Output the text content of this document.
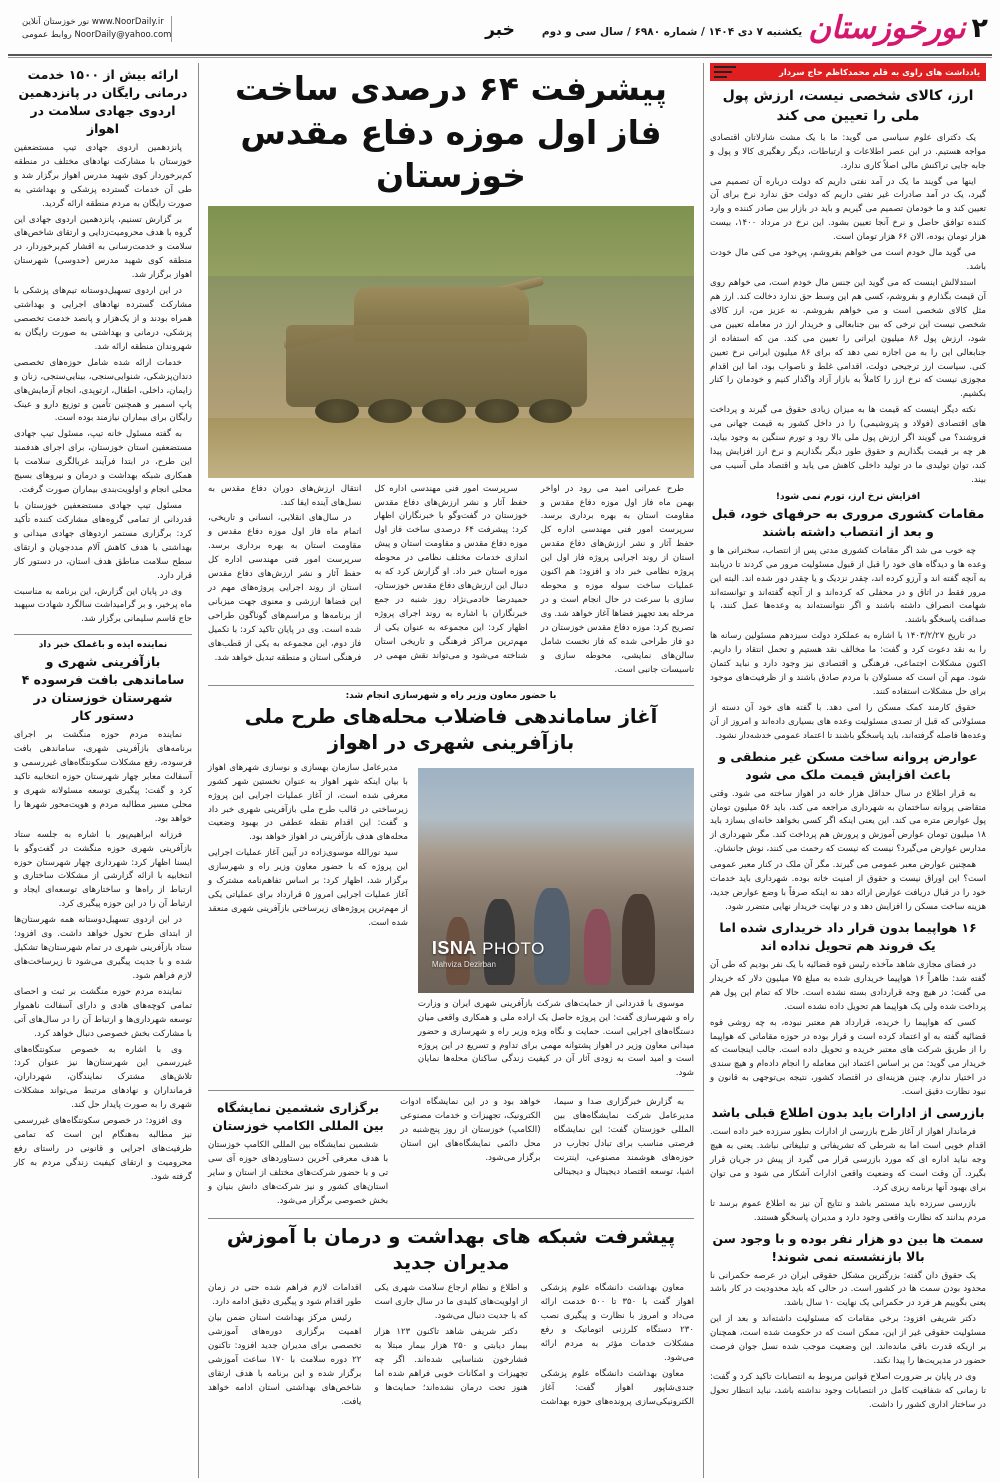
۲
نورخوزستان
یکشنبه ۷ دی ۱۴۰۴ / شماره ۶۹۸۰ / سال سی و دوم
خبر
نور خوزستان آنلاین www.NoorDaily.ir
روابط عمومی NoorDaily@yahoo.com
یادداشت های راوی به قلم محمدکاظم حاج سردار
ارز، کالای شخصی نیست، ارزش پول ملی را تعیین می کند

یک دکترای علوم سیاسی می گوید: ما با یک مشت شارلاتان اقتصادی مواجه هستیم. در این عصر اطلاعات و ارتباطات، دیگر رهگیری کالا و پول و جابه جایی تراکنش مالی اصلاً کاری ندارد.

اینها می گویند ما یک در آمد نفتی داریم که دولت درباره آن تصمیم می گیرد، یک در آمد صادرات غیر نفتی داریم که دولت حق ندارد نرخ برای آن تعیین کند و ما خودمان تصمیم می گیریم و باید در بازار بین صادر کننده و وارد کننده توافق حاصل و نرخ آنجا تعیین بشود. این نرخ در مرداد ۱۴۰۰، بیست هزار تومان بوده، الان ۶۶ هزار تومان است.

می گوید مال خودم است می خواهم بفروشم، پیِ‌خود می کنی مال خودت باشد.

استدلالش اینست که می گوید این جنس مال خودم است، می خواهم روی آن قیمت بگذارم و بفروشم، کسی هم این وسط حق ندارد دخالت کند. ارز هم مثل کالای شخصی است و می خواهم بفروشم. نه عزیز من، ارز کالای شخصی نیست این نرخی که بین جنابعالی و خریدار ارز در معامله تعیین می شود، ارزش پول ۸۶ میلیون ایرانی را تعیین می کند. من که استفاده از جنابعالی این را به من اجازه نمی دهد که برای ۸۶ میلیون ایرانی نرخ تعیین کنی. سیاست ارز ترجیحی دولت، اقدامی غلط و ناصواب بود، اما این اقدام مجوزی نیست که نرخ ارز را کاملاً به بازار آزاد واگذار کنیم و خودمان را کنار بکشیم.

نکته دیگر اینست که قیمت ها به میزان زیادی حقوق می گیرند و پرداخت های اقتصادی (فولاد و پتروشیمی) را در داخل کشور به قیمت جهانی می فروشند؟ می گویند اگر ارزش پول ملی بالا رود و تورم سنگین به وجود بیاید، هر چه بر قیمت بگذاریم و حقوق طور دیگر بگذاریم و نرخ ارز افزایش پیدا کند، توان تولیدی ما در تولید داخلی کاهش می یابد و اقتصاد ملی آسیب می بیند.

افزایش نرخ ارز، تورم نمی شود!
مقامات کشوری مروری به حرفهای خود، قبل و بعد از انتصاب داشته باشند

چه خوب می شد اگر مقامات کشوری مدتی پس از انتصاب، سخنرانی ها و وعده ها و دیدگاه های خود را قبل از قبول مسئولیت مرور می کردند تا دریابند به آنچه گفته اند و آرزو کرده اند، چقدر نزدیک و یا چقدر دور شده اند. البته این مرور فقط در اتاق و در محفلی که کرده‌اند و از آنچه گفته‌اند و توانسته‌اند شهامت انصراف داشته باشند و اگر نتوانسته‌اند به وعده‌ها عمل کنند، با صداقت پاسخگو باشند.

در تاریخ ۱۴۰۳/۲/۲۷ با اشاره به عملکرد دولت سیزدهم مسئولین رسانه ها را به نقد دعوت کرد و گفت: ما مخالف نقد هستیم و تحمل انتقاد را داریم. اکنون مشکلات اجتماعی، فرهنگی و اقتصادی نیز وجود دارد و نباید کتمان شود. مهم آن است که مسئولان با مردم صادق باشند و از ظرفیت‌های موجود برای حل مشکلات استفاده کنند.

حقوق کارمند کمک مسکن را امی دهد. با گفته های خود آن دسته از مسئولانی که قبل از تصدی مسئولیت وعده های بسیاری داده‌اند و امروز از آن وعده‌ها فاصله گرفته‌اند، باید پاسخگو باشند تا اعتماد عمومی خدشه‌دار نشود.

عوارض پروانه ساخت مسکن غیر منطقی و باعث افزایش قیمت ملک می شود

به قرار اطلاع در سال حداقل هزار خانه در اهواز ساخته می شود. وقتی متقاضی پروانه ساختمان به شهرداری مراجعه می کند، باید ۵۶ میلیون تومان پول عوارض متره می کند. این یعنی اینکه اگر کسی بخواهد خانه‌ای بسازد باید ۱۸ میلیون تومان عوارض آموزش و پرورش هم پرداخت کند. مگر شهرداری از مدارس عوارض می‌گیرد؟ نیست که نیست که رحمت می کنند، نوش جانشان.

همچنین عوارض معبر عمومی می گیرند. مگر آن ملک در کنار معبر عمومی است؟ این اوراق نیست و حقوق از امنیت خانه بوده. شهرداری باید خدمات خود را در قبال دریافت عوارض ارائه دهد نه اینکه صرفاً با وضع عوارض جدید، هزینه ساخت مسکن را افزایش دهد و در نهایت خریدار نهایی متضرر شود.

۱۶ هواپیما بدون قرار داد خریداری شده اما یک فروند هم تحویل نداده اند

در فضای مجازی شاهد مآخذه رئیس قوه قضائیه با یک نفر بودیم که طی آن گفته شد: ظاهراً ۱۶ هواپیما خریداری شده به مبلغ ۷۵ میلیون دلار که خریدار می گفت: در هیچ وجه قراردادی بسته نشده است. حالا که تمام این پول هم پرداخت شده ولی یک هواپیما هم تحویل داده نشده است.

کسی که هواپیما را خریده، قرارداد هم معتبر نبوده، به چه روشی قوه قضائیه گفته به او اعتماد کرده است و قرار بوده در حوزه مقاماتی که هواپیما را از طریق شرکت های معتبر خریده و تحویل داده است. جالب اینجاست که خریدار می گوید: من بر اساس اعتماد این معامله را انجام داده‌ام و هیچ سندی در اختیار ندارم. چنین هزینه‌ای در اقتصاد کشور، نتیجه بی‌توجهی به قانون و نبود نظارت دقیق است.

بازرسی از ادارات باید بدون اطلاع قبلی باشد

فرماندار اهواز از آغاز طرح بازرسی از ادارات بطور سرزده خبر داده است. اقدام خوبی است اما به شرطی که تشریفاتی و تبلیغاتی نباشد. یعنی به هیچ وجه نباید اداره ای که مورد بازرسی قرار می گیرد از پیش در جریان قرار بگیرد. آن وقت است که وضعیت واقعی ادارات آشکار می شود و می توان برای بهبود آنها برنامه ریزی کرد.

بازرسی سرزده باید مستمر باشد و نتایج آن نیز به اطلاع عموم برسد تا مردم بدانند که نظارت واقعی وجود دارد و مدیران پاسخگو هستند.

سمت ها بین دو هزار نفر بوده و با وجود سن بالا بازنشسته نمی شوند!

یک حقوق دان گفته: بزرگترین مشکل حقوقی ایران در عرصه حکمرانی نا محدود بودن سمت ها در کشور است. در حالی که باید محدودیت در کار باشد یعنی بگوییم هر فرد در حکمرانی یک نهایت ۱۰ سال باشد.

دکتر شریفی افزود: برخی مقامات که مسئولیت داشته‌اند و بعد از این مسئولیت حقوقی غیر از این، ممکن است که در حکومت شده است، همچنان بر اریکه قدرت باقی مانده‌اند. این وضعیت موجب شده نسل جوان فرصت حضور در مدیریت‌ها را پیدا نکند.

وی در پایان بر ضرورت اصلاح قوانین مربوط به انتصابات تاکید کرد و گفت: تا زمانی که شفافیت کامل در انتصابات وجود نداشته باشد، نباید انتظار تحول در ساختار اداری کشور را داشت.

پیشرفت ۶۴ درصدی ساخت فاز اول موزه دفاع مقدس خوزستان

طرح عمرانی امید می رود در اواخر بهمن ماه فاز اول موزه دفاع مقدس و مقاومت استان به بهره برداری برسد. سرپرست امور فنی مهندسی اداره کل حفظ آثار و نشر ارزش‌های دفاع مقدس استان از روند اجرایی پروژه فاز اول این پروژه نظامی خبر داد و افزود: هم اکنون عملیات ساخت سوله موزه و محوطه سازی با سرعت در حال انجام است و در مرحله بعد تجهیز فضاها آغاز خواهد شد. وی تصریح کرد: موزه دفاع مقدس خوزستان در دو فاز طراحی شده که فاز نخست شامل سالن‌های نمایشی، محوطه سازی و تاسیسات جانبی است.

سرپرست امور فنی مهندسی اداره کل حفظ آثار و نشر ارزش‌های دفاع مقدس خوزستان در گفت‌وگو با خبرنگاران اظهار کرد: پیشرفت ۶۴ درصدی ساخت فاز اول موزه دفاع مقدس و مقاومت استان و پیش اندازی خدمات مختلف نظامی در محوطه موزه استان خبر داد. او گزارش کرد که به دنبال این ارزش‌های دفاع مقدس خوزستان، حمیدرضا خادمی‌نژاد روز شنبه در جمع خبرنگاران با اشاره به روند اجرای پروژه اظهار کرد: این مجموعه به عنوان یکی از مهم‌ترین مراکز فرهنگی و تاریخی استان شناخته می‌شود و می‌تواند نقش مهمی در انتقال ارزش‌های دوران دفاع مقدس به نسل‌های آینده ایفا کند.

در سال‌های انقلابی، انسانی و تاریخی، اتمام ماه فاز اول موزه دفاع مقدس و مقاومت استان به بهره برداری برسد. سرپرست امور فنی مهندسی اداره کل حفظ آثار و نشر ارزش‌های دفاع مقدس استان از روند اجرایی پروژه‌های مهم در این فضاها ارزشی و معنوی جهت میزبانی از برنامه‌ها و مراسم‌های گوناگون طراحی شده است. وی در پایان تاکید کرد: با تکمیل فاز دوم، این مجموعه به یکی از قطب‌های فرهنگی استان و منطقه تبدیل خواهد شد.

با حضور معاون وزیر راه و شهرسازی انجام شد:
آغاز ساماندهی فاضلاب محله‌های طرح ملی بازآفرینی شهری در اهواز
ISNA PHOTO
Mahviza Dezirban

موسوی با قدردانی از حمایت‌های شرکت بازآفرینی شهری ایران و وزارت راه و شهرسازی گفت: این پروژه حاصل یک اراده ملی و همکاری واقعی میان دستگاه‌های اجرایی است. حمایت و نگاه ویژه وزیر راه و شهرسازی و حضور میدانی معاون وزیر در اهواز پشتوانه مهمی برای تداوم و تسریع در این پروژه است و امید است به زودی آثار آن در کیفیت زندگی ساکنان محله‌ها نمایان شود.

مدیرعامل سازمان بهسازی و نوسازی شهرهای اهواز با بیان اینکه شهر اهواز به عنوان نخستین شهر کشور معرفی شده است، از آغاز عملیات اجرایی این پروژه زیرساختی در قالب طرح ملی بازآفرینی شهری خبر داد و گفت: این اقدام نقطه عطفی در بهبود وضعیت محله‌های هدف بازآفرینی در اهواز خواهد بود.

سید نورالله موسوی‌زاده در آیین آغاز عملیات اجرایی این پروژه که با حضور معاون وزیر راه و شهرسازی برگزار شد، اظهار کرد: بر اساس تفاهم‌نامه مشترک و آغاز عملیات اجرایی امروز ۵ قرارداد برای عملیاتی یکی از مهم‌ترین پروژه‌های زیرساختی بازآفرینی شهری منعقد شده است.

به گزارش خبرگزاری صدا و سیما، مدیرعامل شرکت نمایشگاه‌های بین المللی خوزستان گفت: این نمایشگاه فرصتی مناسب برای تبادل تجارب در حوزه‌های هوشمند مصنوعی، اینترنت اشیا، توسعه اقتصاد دیجیتال و دیجیتالی خواهد بود و در این نمایشگاه ادوات الکترونیک، تجهیزات و خدمات مصنوعی (الکامپ) خوزستان از روز پنج‌شنبه در محل دائمی نمایشگاه‌های این استان برگزار می‌شود.

برگزاری ششمین نمایشگاه بین المللی الکامپ خوزستان

ششمین نمایشگاه بین المللی الکامپ خوزستان با هدف معرفی آخرین دستاوردهای حوزه آی سی تی و با حضور شرکت‌های مختلف از استان و سایر استان‌های کشور و نیز شرکت‌های دانش بنیان و بخش خصوصی برگزار می‌شود.

پیشرفت شبکه های بهداشت و درمان با آموزش مدیران جدید

معاون بهداشت دانشگاه علوم پزشکی اهواز گفت با ۳۵۰ تا ۵۰۰ خدمت ارائه می‌داد و امروز با نظارت و پیگیری نصب ۲۳۰ دستگاه کلرزنی اتوماتیک و رفع مشکلات خدمات مؤثر به مردم ارائه می‌شود.

معاون بهداشت دانشگاه علوم پزشکی جندی‌شاپور اهواز گفت: آغاز الکترونیکی‌سازی پرونده‌های حوزه بهداشت و اطلاع و نظام ارجاع سلامت شهری یکی از اولویت‌های کلیدی ما در سال جاری است که با جدیت دنبال می‌شود.

دکتر شریفی شاهد تاکنون ۱۲۳ هزار بیمار دیابتی و ۲۵۰ هزار بیمار مبتلا به فشارخون شناسایی شده‌اند. اگر چه تجهیزات و امکانات خوبی فراهم شده اما هنوز تحت درمان نشده‌اند؛ حمایت‌ها و اقدامات لازم فراهم شده حتی در زمان طور اقدام شود و پیگیری دقیق ادامه دارد.

رئیس مرکز بهداشت استان ضمن بیان اهمیت برگزاری دوره‌های آموزشی تخصصی برای مدیران جدید افزود: تاکنون ۲۲ دوره سلامت با ۱۷۰ ساعت آموزشی برگزار شده و این برنامه با هدف ارتقای شاخص‌های بهداشتی استان ادامه خواهد یافت.

ارائه بیش از ۱۵۰۰ خدمت درمانی رایگان در پانزدهمین اردوی جهادی سلامت در اهواز

پانزدهمین اردوی جهادی تیپ مستضعفین خوزستان با مشارکت نهادهای مختلف در منطقه کم‌برخوردار کوی شهید مدرس اهواز برگزار شد و طی آن خدمات گسترده پزشکی و بهداشتی به صورت رایگان به مردم منطقه ارائه گردید.

بر گزارش تسنیم، پانزدهمین اردوی جهادی این گروه با هدف محرومیت‌زدایی و ارتقای شاخص‌های سلامت و خدمت‌رسانی به اقشار کم‌برخوردار، در منطقه کوی شهید مدرس (حدوسی) شهرستان اهواز برگزار شد.

در این اردوی تسهیل‌دوستانه تیم‌های پزشکی با مشارکت گسترده نهادهای اجرایی و بهداشتی همراه بودند و از یک‌هزار و پانصد خدمت تخصصی پزشکی، درمانی و بهداشتی به صورت رایگان به شهروندان منطقه ارائه شد.

خدمات ارائه شده شامل حوزه‌های تخصصی دندان‌پزشکی، شنوایی‌سنجی، بینایی‌سنجی، زنان و زایمان، داخلی، اطفال، ارتوپدی، انجام آزمایش‌های پاپ اسمیر و همچنین تأمین و توزیع دارو و عینک رایگان برای بیماران نیازمند بوده است.

به گفته مسئول خانه تیپ، مسئول تیپ جهادی مستضعفین استان خوزستان، برای اجرای هدفمند این طرح، در ابتدا فرآیند غربالگری سلامت با همکاری شبکه بهداشت و درمان و نیروهای بسیج محلی انجام و اولویت‌بندی بیماران صورت گرفت.

مسئول تیپ جهادی مستضعفین خوزستان با قدردانی از تمامی گروه‌های مشارکت کننده تأکید کرد: برگزاری مستمر اردوهای جهادی میدانی و بهداشتی با هدف کاهش آلام مددجویان و ارتقای سطح سلامت مناطق هدف استان، در دستور کار قرار دارد.

وی در پایان این گزارش، این برنامه به مناسبت ماه پرخیر، و بر گرامیداشت سالگرد شهادت سپهبد حاج قاسم سلیمانی برگزار شد.

نماینده ایذه و باغملک خبر داد
بازآفرینی شهری و ساماندهی بافت فرسوده ۴ شهرستان خوزستان در دستور کار

نماینده مردم حوزه منگشت بر اجرای برنامه‌های بازآفرینی شهری، ساماندهی بافت فرسوده، رفع مشکلات سکونتگاه‌های غیررسمی و آسفالت معابر چهار شهرستان حوزه انتخابیه تاکید کرد و گفت: پیگیری توسعه مسئولانه شهری و محلی مسیر مطالبه مردم و هویت‌محور شهرها را خواهد بود.

فرزانه ابراهیم‌پور با اشاره به جلسه ستاد بازآفرینی شهری حوزه منگشت در گفت‌وگو با ایسنا اظهار کرد: شهرداری چهار شهرستان حوزه انتخابیه با ارائه گزارشی از مشکلات ساختاری و ارتباط از راه‌ها و ساختارهای توسعه‌ای ایجاد و ارتباط آن را در این حوزه پیگیری کرد.

در این اردوی تسهیل‌دوستانه همه شهرستان‌ها از ابتدای طرح تحول خواهد داشت. وی افزود: ستاد بازآفرینی شهری در تمام شهرستان‌ها تشکیل شده و با جدیت پیگیری می‌شود تا زیرساخت‌های لازم فراهم شود.

نماینده مردم حوزه منگشت بر ثبت و احصای تمامی کوچه‌های هادی و دارای آسفالت ناهموار توسعه شهرداری‌ها و ارتباط آن را در سال‌های آتی با مشارکت بخش خصوصی دنبال خواهد کرد.

وی با اشاره به خصوص سکونتگاه‌های غیررسمی این شهرستان‌ها نیز عنوان کرد: تلاش‌های مشترک نمایندگان، شهرداران، فرمانداران و نهادهای مرتبط می‌تواند مشکلات شهری را به صورت پایدار حل کند.

وی افزود: در خصوص سکونتگاه‌های غیررسمی نیز مطالبه به‌هنگام این است که تمامی ظرفیت‌های اجرایی و قانونی در راستای رفع محرومیت و ارتقای کیفیت زندگی مردم به کار گرفته شود.
